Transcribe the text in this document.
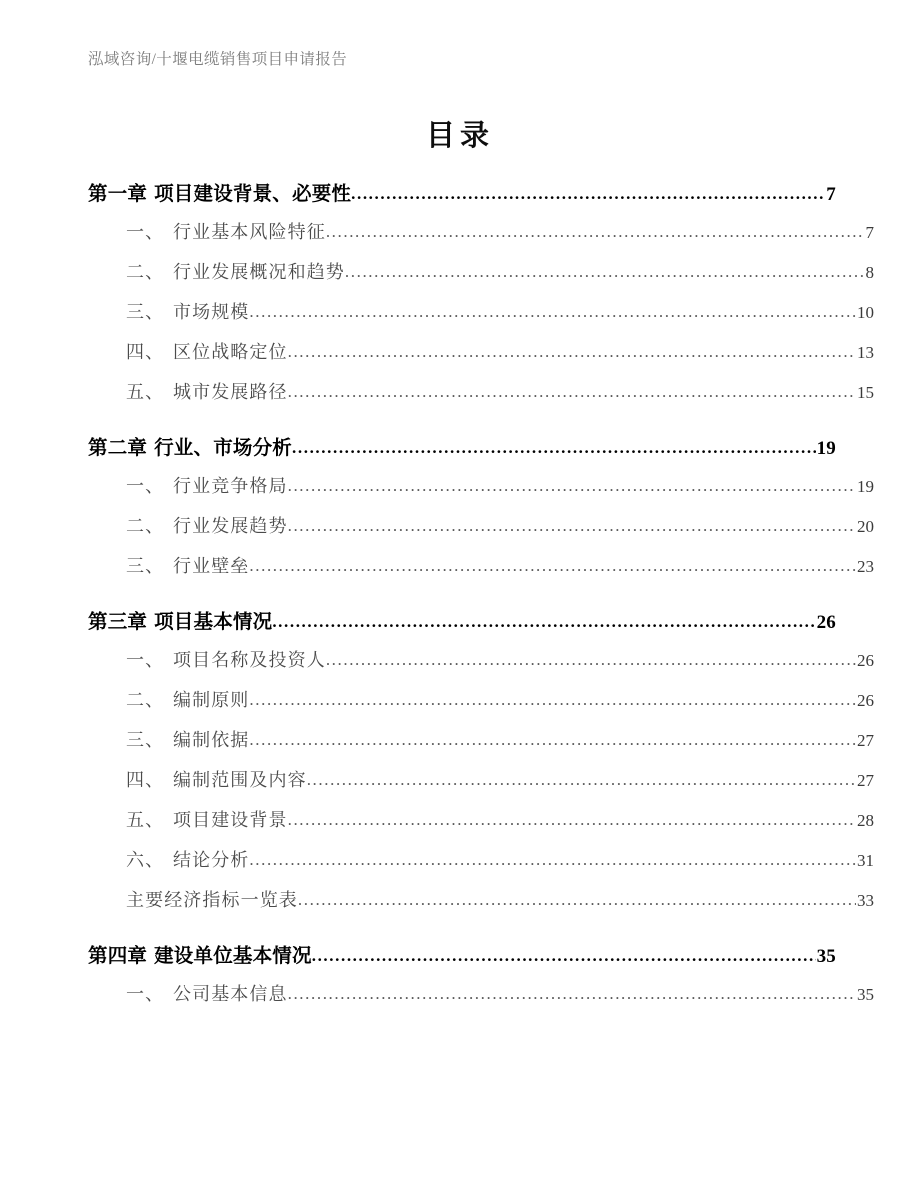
泓域咨询/十堰电缆销售项目申请报告
目录
第一章 项目建设背景、必要性 .....	7
一、 行业基本风险特征 .....	7
二、 行业发展概况和趋势 .....	8
三、 市场规模 .....	10
四、 区位战略定位 .....	13
五、 城市发展路径 .....	15
第二章 行业、市场分析 .....	19
一、 行业竞争格局 .....	19
二、 行业发展趋势 .....	20
三、 行业壁垒 .....	23
第三章 项目基本情况 .....	26
一、 项目名称及投资人 .....	26
二、 编制原则 .....	26
三、 编制依据 .....	27
四、 编制范围及内容 .....	27
五、 项目建设背景 .....	28
六、 结论分析 .....	31
主要经济指标一览表 .....	33
第四章 建设单位基本情况 .....	35
一、 公司基本信息 .....	35
